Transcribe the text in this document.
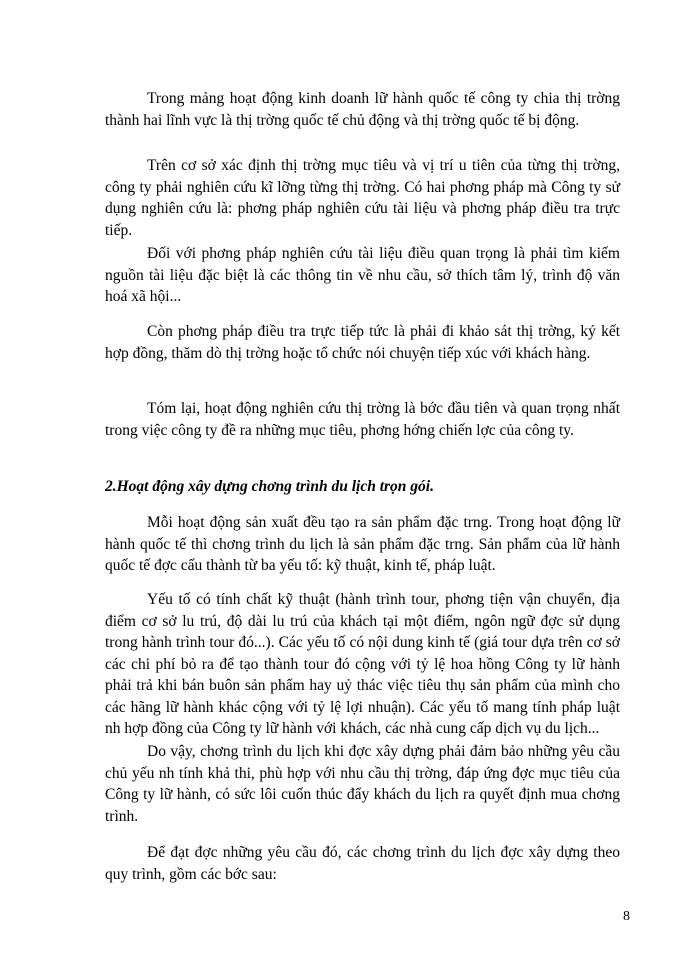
Trong mảng hoạt động kinh doanh lữ hành quốc tế công ty chia thị trờng thành hai lĩnh vực là thị trờng quốc tế chủ động và thị trờng quốc tế bị động.

Trên cơ sở xác định thị trờng mục tiêu và vị trí u tiên của từng thị trờng, công ty phải nghiên cứu kĩ lỡng từng thị trờng. Có hai phơng pháp mà Công ty sử dụng nghiên cứu là: phơng pháp nghiên cứu tài liệu và phơng pháp điều tra trực tiếp.

Đối với phơng pháp nghiên cứu tài liệu điều quan trọng là phải tìm kiếm nguồn tài liệu đặc biệt là các thông tin về nhu cầu, sở thích tâm lý, trình độ văn hoá xã hội...

Còn phơng pháp điều tra trực tiếp tức là phải đi khảo sát thị trờng, ký kết hợp đồng, thăm dò thị trờng hoặc tổ chức nói chuyện tiếp xúc với khách hàng.

Tóm lại, hoạt động nghiên cứu thị trờng là bớc đầu tiên và quan trọng nhất trong việc công ty đề ra những mục tiêu, phơng hớng chiến lợc của công ty.

2.Hoạt động xây dựng chơng trình du lịch trọn gói.

Mỗi hoạt động sản xuất đều tạo ra sản phẩm đặc trng. Trong hoạt động lữ hành quốc tế thì chơng trình du lịch là sản phẩm đặc trng. Sản phẩm của lữ hành quốc tế đợc cấu thành từ ba yếu tố: kỹ thuật, kinh tế, pháp luật.

Yếu tố có tính chất kỹ thuật (hành trình tour, phơng tiện vận chuyển, địa điểm cơ sở lu trú, độ dài lu trú của khách tại một điểm, ngôn ngữ đợc sử dụng trong hành trình tour đó...). Các yếu tố có nội dung kinh tế (giá tour dựa trên cơ sở các chi phí bỏ ra để tạo thành tour đó cộng với tỷ lệ hoa hồng Công ty lữ hành phải trả khi bán buôn sản phẩm hay uỷ thác việc tiêu thụ sản phẩm của mình cho các hãng lữ hành khác cộng với tỷ lệ lợi nhuận). Các yếu tố mang tính pháp luật nh hợp đồng của Công ty lữ hành với khách, các nhà cung cấp dịch vụ du lịch...

Do vậy, chơng trình du lịch khi đợc xây dựng phải đảm bảo những yêu cầu chủ yếu nh tính khả thi, phù hợp với nhu cầu thị trờng, đáp ứng đợc mục tiêu của Công ty lữ hành, có sức lôi cuốn thúc đẩy khách du lịch ra quyết định mua chơng trình.

Để đạt đợc những yêu cầu đó, các chơng trình du lịch đợc xây dựng theo quy trình, gồm các bớc sau:

8
